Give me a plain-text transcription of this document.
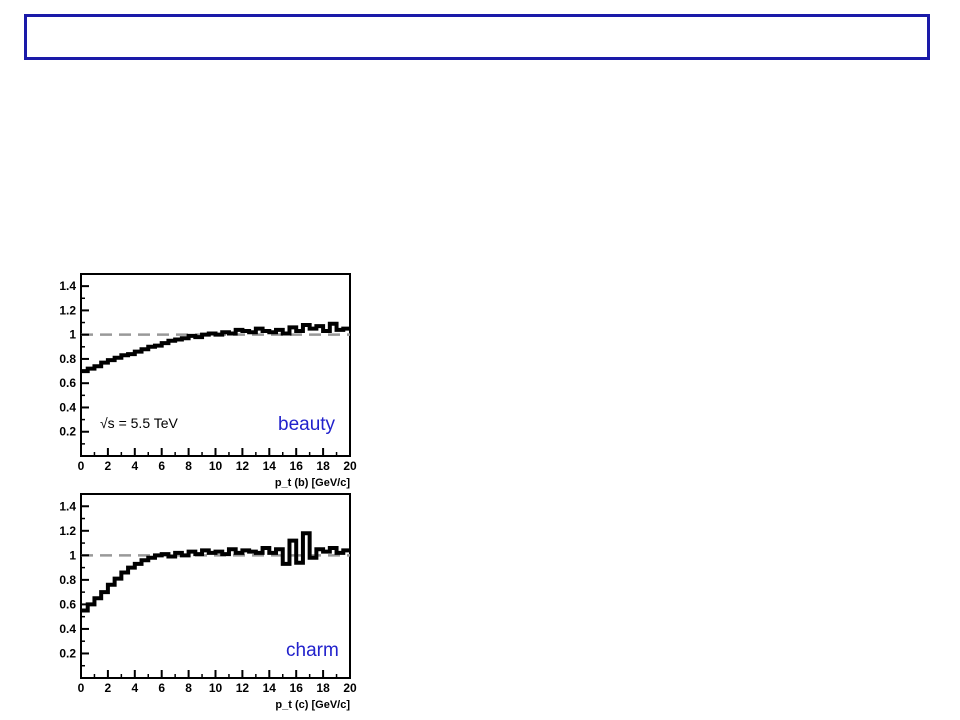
0.2
0.4
0.6
0.8
1
1.2
1.4
0 2 4 6 8 10 12 14 16 18 20
p_t (b) [GeV/c]
beauty
√s = 5.5 TeV
0.2
0.4
0.6
0.8
1
1.2
1.4
0 2 4 6 8 10 12 14 16 18 20
p_t (c) [GeV/c]
charm
